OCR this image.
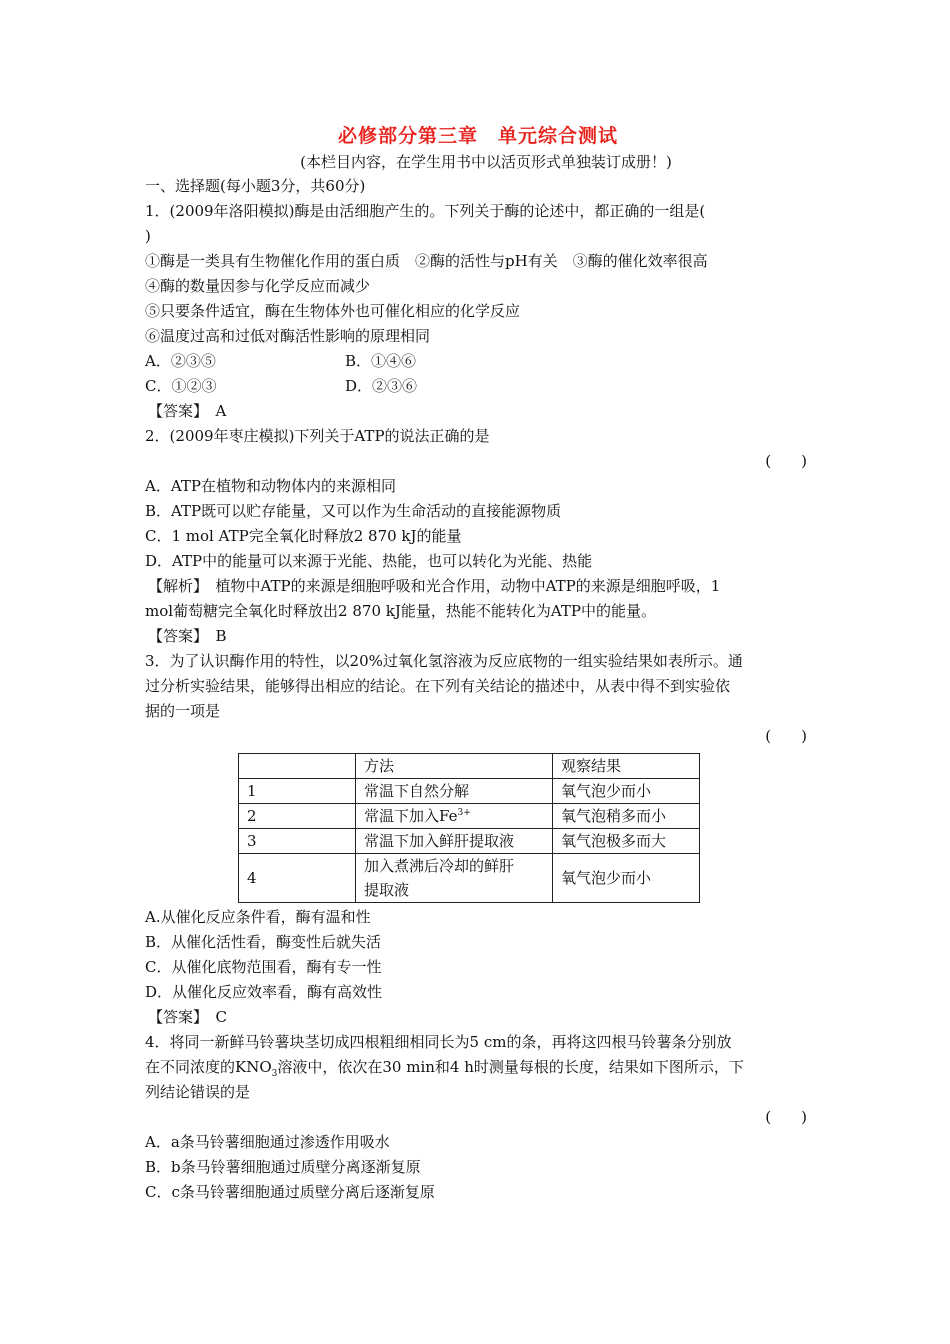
必修部分第三章　单元综合测试
(本栏目内容，在学生用书中以活页形式单独装订成册！)
一、选择题(每小题3分，共60分)
1．(2009年洛阳模拟)酶是由活细胞产生的。下列关于酶的论述中，都正确的一组是(
)
①酶是一类具有生物催化作用的蛋白质　②酶的活性与pH有关　③酶的催化效率很高
④酶的数量因参与化学反应而减少
⑤只要条件适宜，酶在生物体外也可催化相应的化学反应
⑥温度过高和过低对酶活性影响的原理相同
A．②③⑤	B．①④⑥
C．①②③	D．②③⑥
【答案】　A
2．(2009年枣庄模拟)下列关于ATP的说法正确的是
(　　)
A．ATP在植物和动物体内的来源相同
B．ATP既可以贮存能量，又可以作为生命活动的直接能源物质
C．1 mol ATP完全氧化时释放2 870 kJ的能量
D．ATP中的能量可以来源于光能、热能，也可以转化为光能、热能
【解析】　植物中ATP的来源是细胞呼吸和光合作用，动物中ATP的来源是细胞呼吸，1
mol葡萄糖完全氧化时释放出2 870 kJ能量，热能不能转化为ATP中的能量。
【答案】　B
3．为了认识酶作用的特性，以20%过氧化氢溶液为反应底物的一组实验结果如表所示。通
过分析实验结果，能够得出相应的结论。在下列有关结论的描述中，从表中得不到实验依
据的一项是
(　　)
	方法	观察结果
1	常温下自然分解	氧气泡少而小
2	常温下加入$Fe^{3+}$	氧气泡稍多而小
3	常温下加入鲜肝提取液	氧气泡极多而大
4	加入煮沸后冷却的鲜肝
提取液	氧气泡少而小
A.从催化反应条件看，酶有温和性
B．从催化活性看，酶变性后就失活
C．从催化底物范围看，酶有专一性
D．从催化反应效率看，酶有高效性
【答案】　C
4．将同一新鲜马铃薯块茎切成四根粗细相同长为5 cm的条，再将这四根马铃薯条分别放
在不同浓度的$KNO_3$溶液中，依次在30 min和4 h时测量每根的长度，结果如下图所示，下
列结论错误的是
(　　)
A．a条马铃薯细胞通过渗透作用吸水
B．b条马铃薯细胞通过质壁分离逐渐复原
C．c条马铃薯细胞通过质壁分离后逐渐复原
